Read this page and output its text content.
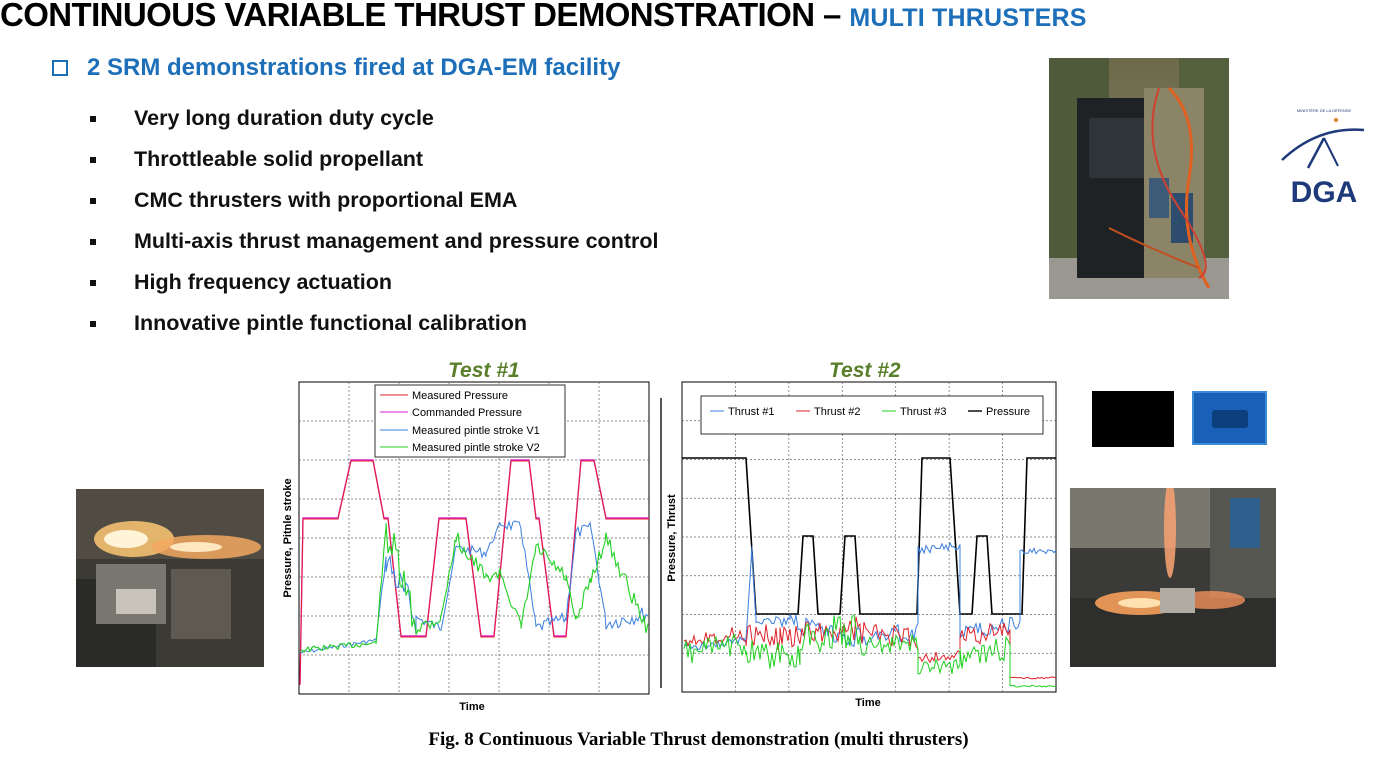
CONTINUOUS VARIABLE THRUST DEMONSTRATION – MULTI THRUSTERS
2 SRM demonstrations fired at DGA-EM facility
Very long duration duty cycle
Throttleable solid propellant
CMC thrusters with proportional EMA
Multi-axis thrust management and pressure control
High frequency actuation
Innovative pintle functional calibration
MINISTÈRE DE LA DÉFENSE
DGA
Test #1	Test #2
Time
Pressure, Pitnle stroke
Measured Pressure
Commanded Pressure
Measured pintle stroke V1
Measured pintle stroke V2
Time
Pressure, Thrust
Thrust #1	Thrust #2	Thrust #3	Pressure
Fig. 8 Continuous Variable Thrust demonstration (multi thrusters)
